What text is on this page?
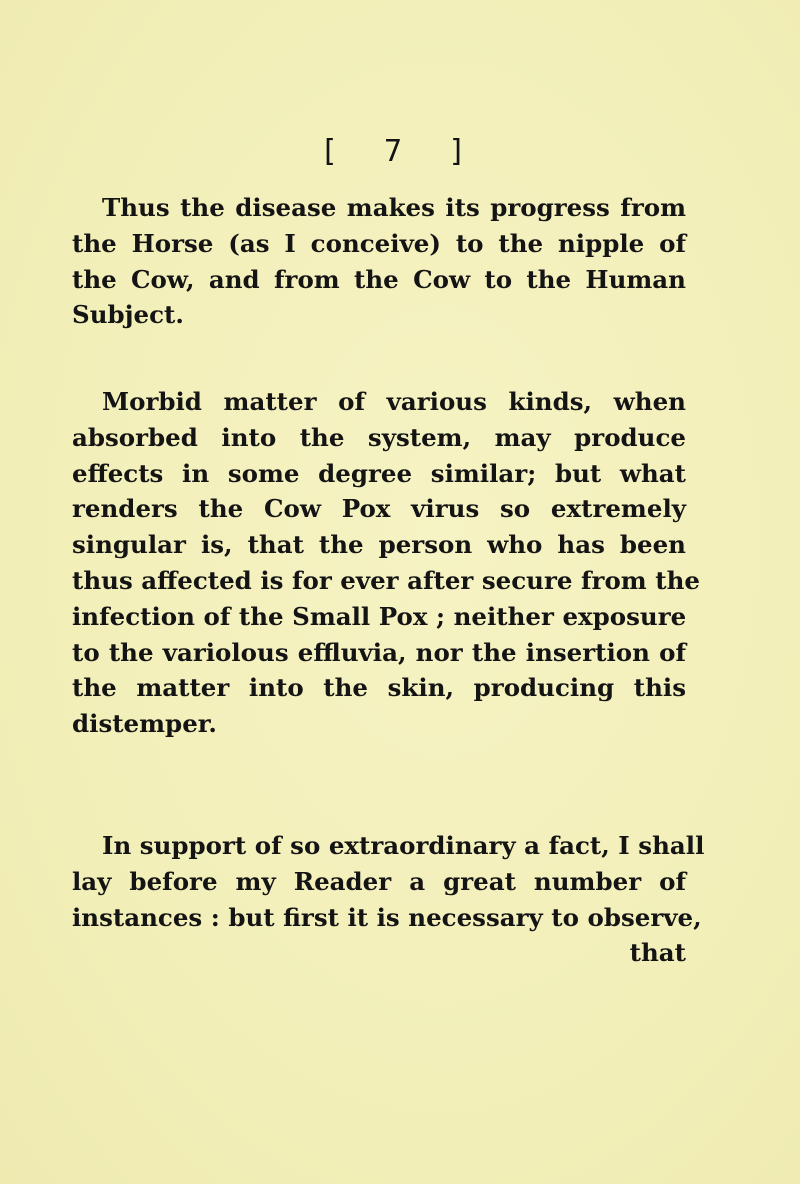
[ 7 ]
Thus the disease makes its progress from
the Horse (as I conceive) to the nipple of
the Cow, and from the Cow to the Human
Subject.
Morbid matter of various kinds, when
absorbed into the system, may produce
effects in some degree similar; but what
renders the Cow Pox virus so extremely
singular is, that the person who has been
thus affected is for ever after secure from the
infection of the Small Pox ; neither exposure
to the variolous effluvia, nor the insertion of
the matter into the skin, producing this
distemper.
In support of so extraordinary a fact, I shall
lay before my Reader a great number of
instances : but first it is necessary to observe,
that
